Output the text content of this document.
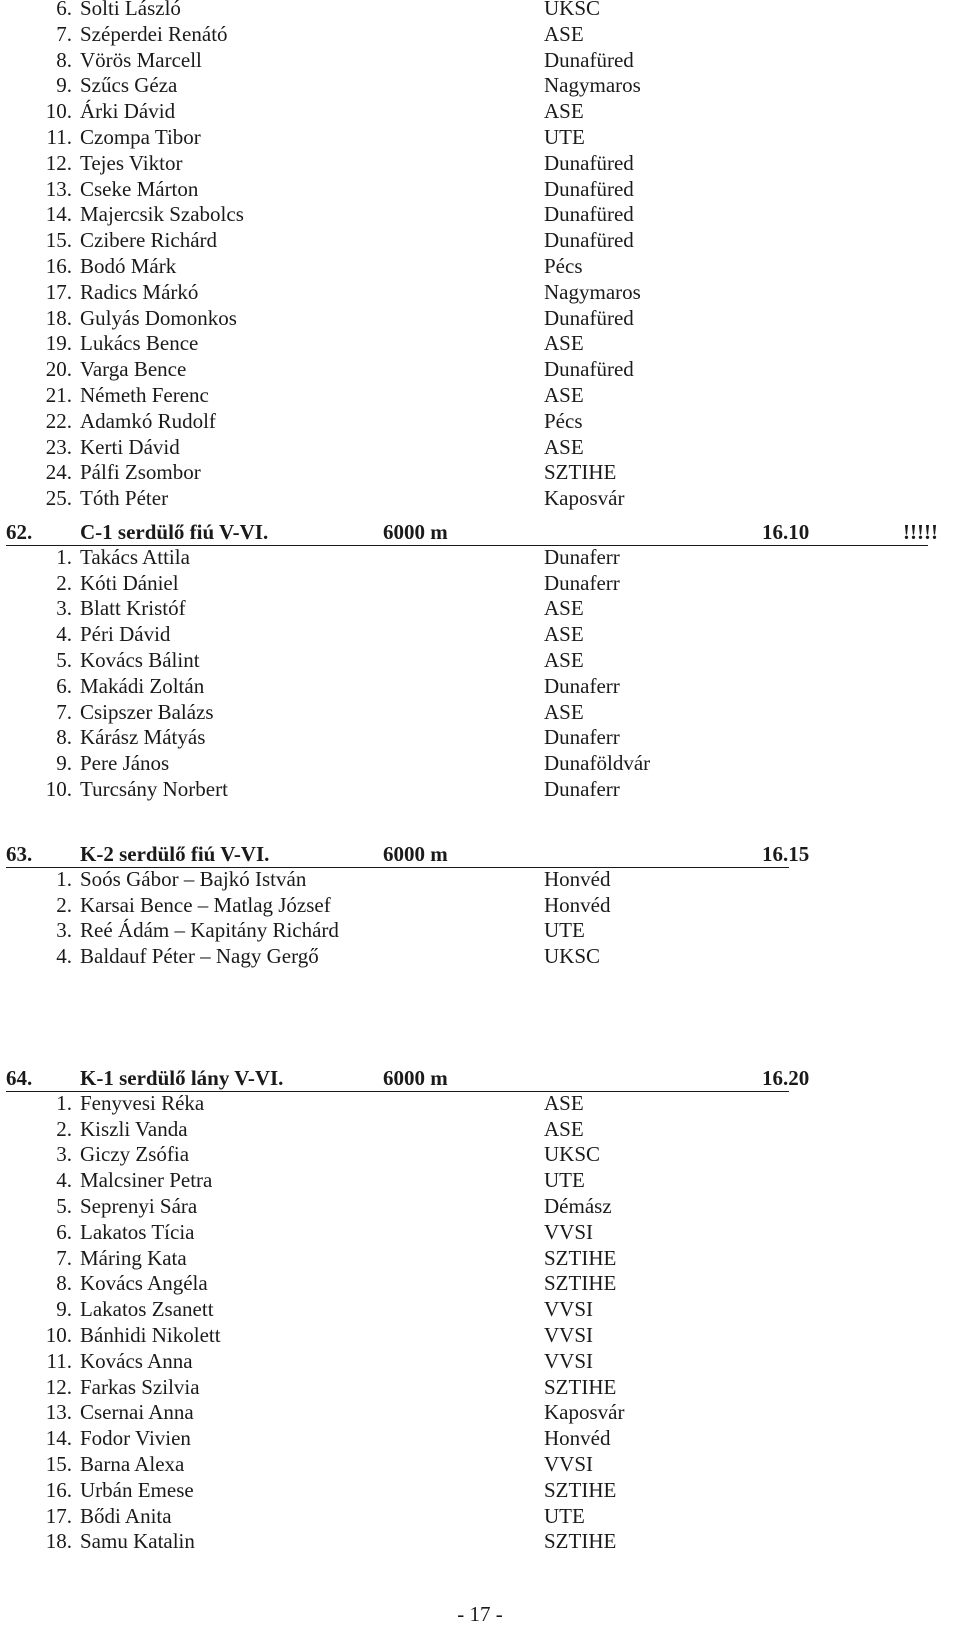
6. Solti László	UKSC
7. Széperdei Renátó	ASE
8. Vörös Marcell	Dunafüred
9. Szűcs Géza	Nagymaros
10. Árki Dávid	ASE
11. Czompa Tibor	UTE
12. Tejes Viktor	Dunafüred
13. Cseke Márton	Dunafüred
14. Majercsik Szabolcs	Dunafüred
15. Czibere Richárd	Dunafüred
16. Bodó Márk	Pécs
17. Radics Márkó	Nagymaros
18. Gulyás Domonkos	Dunafüred
19. Lukács Bence	ASE
20. Varga Bence	Dunafüred
21. Németh Ferenc	ASE
22. Adamkó Rudolf	Pécs
23. Kerti Dávid	ASE
24. Pálfi Zsombor	SZTIHE
25. Tóth Péter	Kaposvár
62. C-1 serdülő fiú V-VI.	6000 m	16.10	!!!!!
1. Takács Attila	Dunaferr
2. Kóti Dániel	Dunaferr
3. Blatt Kristóf	ASE
4. Péri Dávid	ASE
5. Kovács Bálint	ASE
6. Makádi Zoltán	Dunaferr
7. Csipszer Balázs	ASE
8. Kárász Mátyás	Dunaferr
9. Pere János	Dunaföldvár
10. Turcsány Norbert	Dunaferr
63. K-2 serdülő fiú V-VI.	6000 m	16.15
1. Soós Gábor – Bajkó István	Honvéd
2. Karsai Bence – Matlag József	Honvéd
3. Reé Ádám – Kapitány Richárd	UTE
4. Baldauf Péter – Nagy Gergő	UKSC
64. K-1 serdülő lány V-VI.	6000 m	16.20
1. Fenyvesi Réka	ASE
2. Kiszli Vanda	ASE
3. Giczy Zsófia	UKSC
4. Malcsiner Petra	UTE
5. Seprenyi Sára	Démász
6. Lakatos Tícia	VVSI
7. Máring Kata	SZTIHE
8. Kovács Angéla	SZTIHE
9. Lakatos Zsanett	VVSI
10. Bánhidi Nikolett	VVSI
11. Kovács Anna	VVSI
12. Farkas Szilvia	SZTIHE
13. Csernai Anna	Kaposvár
14. Fodor Vivien	Honvéd
15. Barna Alexa	VVSI
16. Urbán Emese	SZTIHE
17. Bődi Anita	UTE
18. Samu Katalin	SZTIHE
- 17 -
